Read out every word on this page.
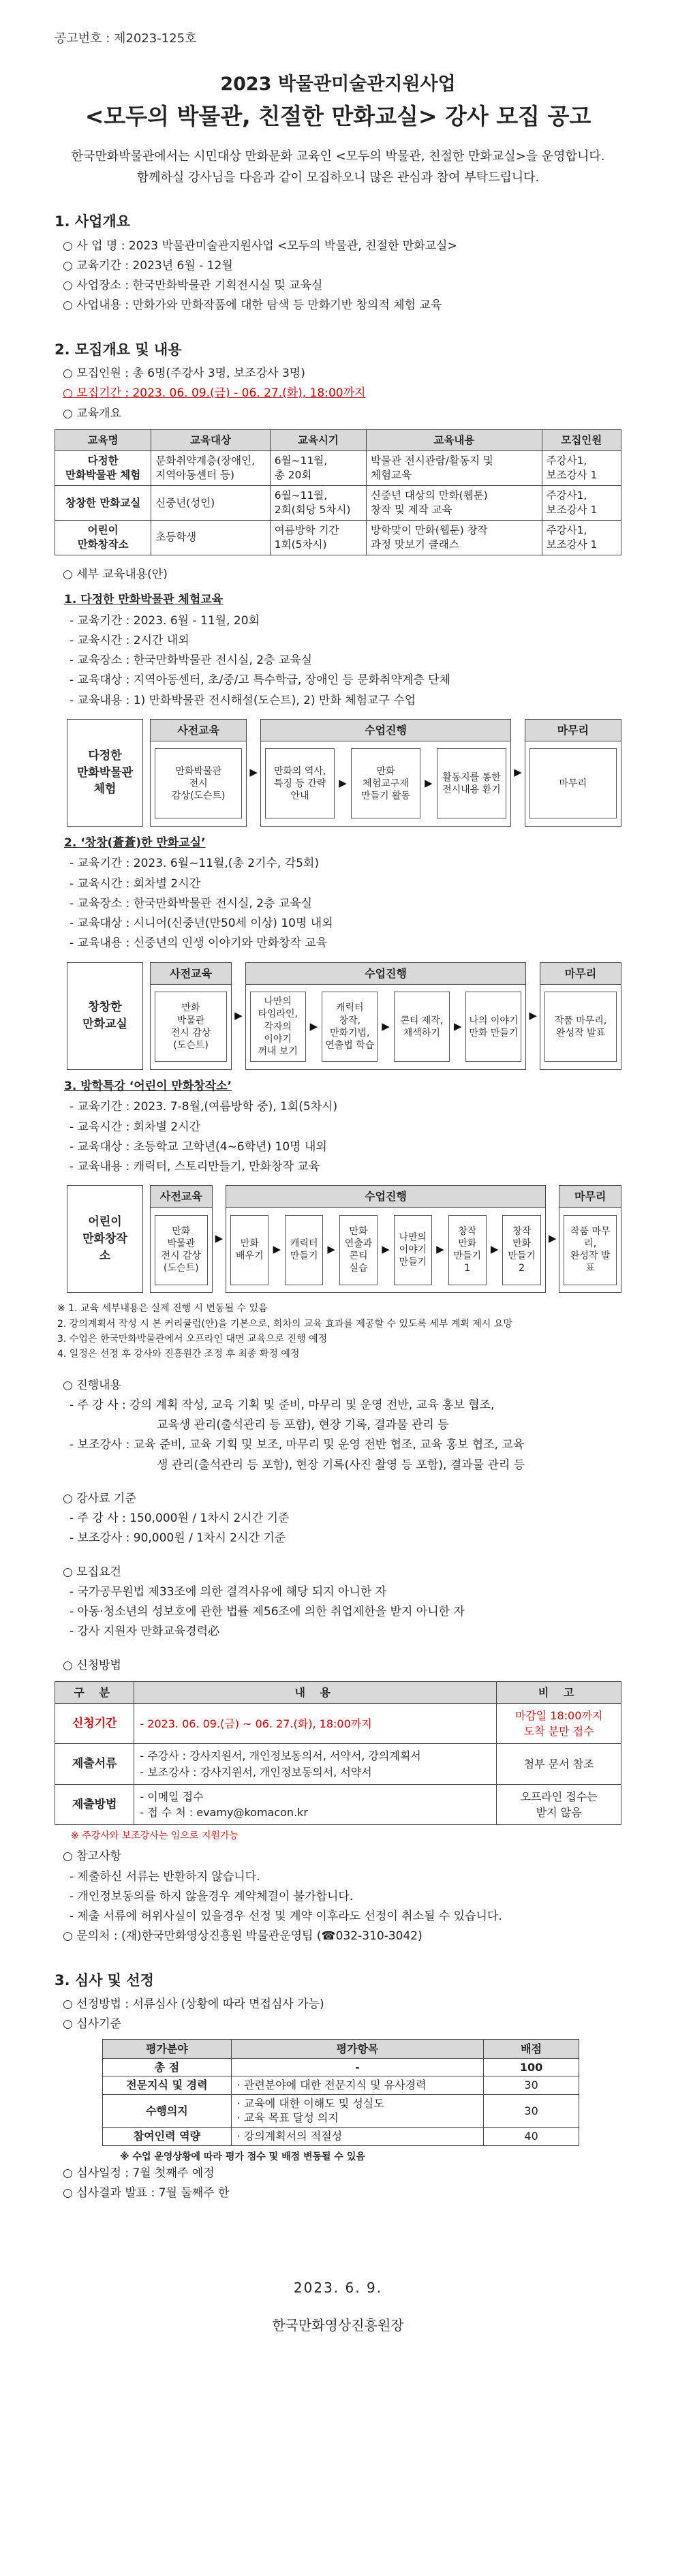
공고번호 : 제2023-125호
2023 박물관미술관지원사업
<모두의 박물관, 친절한 만화교실> 강사 모집 공고
한국만화박물관에서는 시민대상 만화문화 교육인 <모두의 박물관, 친절한 만화교실>을 운영합니다.
함께하실 강사님을 다음과 같이 모집하오니 많은 관심과 참여 부탁드립니다.
1. 사업개요
○ 사 업 명 : 2023 박물관미술관지원사업 <모두의 박물관, 친절한 만화교실>
○ 교육기간 : 2023년 6월 - 12월
○ 사업장소 : 한국만화박물관 기획전시실 및 교육실
○ 사업내용 : 만화가와 만화작품에 대한 탐색 등 만화기반 창의적 체험 교육
2. 모집개요 및 내용
○ 모집인원 : 총 6명(주강사 3명, 보조강사 3명)
○ 모집기간 : 2023. 06. 09.(금) - 06. 27.(화), 18:00까지
○ 교육개요
교육명	교육대상	교육시기	교육내용	모집인원
다정한
만화박물관 체험	문화취약계층(장애인,
지역아동센터 등)	6월~11월,
총 20회	박물관 전시관람/활동지 및
체험교육	주강사1,
보조강사 1
창창한 만화교실	신중년(성인)	6월~11월,
2회(회당 5차시)	신중년 대상의 만화(웹툰)
창작 및 제작 교육	주강사1,
보조강사 1
어린이
만화창작소	초등학생	여름방학 기간
1회(5차시)	방학맞이 만화(웹툰) 창작
과정 맛보기 클래스	주강사1,
보조강사 1
○ 세부 교육내용(안)
1. 다정한 만화박물관 체험교육
- 교육기간 : 2023. 6월 - 11월, 20회
- 교육시간 : 2시간 내외
- 교육장소 : 한국만화박물관 전시실, 2층 교육실
- 교육대상 : 지역아동센터, 초/중/고 특수학급, 장애인 등 문화취약계층 단체
- 교육내용 : 1) 만화박물관 전시해설(도슨트), 2) 만화 체험교구 수업
다정한
만화박물관
체험
사전교육
만화박물관
전시
감상(도슨트)
▶
수업진행
만화의 역사,
특징 등 간략
안내
▶
만화
체험교구재
만들기 활동
▶	활동지를 통한
전시내용 환기
▶
마무리
마무리
2. ‘창창(蒼蒼)한 만화교실’
- 교육기간 : 2023. 6월~11월,(총 2기수, 각5회)
- 교육시간 : 회차별 2시간
- 교육장소 : 한국만화박물관 전시실, 2층 교육실
- 교육대상 : 시니어(신중년(만50세 이상) 10명 내외
- 교육내용 : 신중년의 인생 이야기와 만화창작 교육
창창한
만화교실
사전교육
만화
박물관
전시 감상
(도슨트)
▶
수업진행
나만의
타임라인,
각자의
이야기
꺼내 보기
▶
캐릭터
창작,
만화기법,
연출법 학습
▶	콘티 제작,
채색하기
▶ 나의 이야기
만화 만들기
▶
마무리
작품 마무리,
완성작 발표
3. 방학특강 ‘어린이 만화창작소’
- 교육기간 : 2023. 7-8월,(여름방학 중), 1회(5차시)
- 교육시간 : 회차별 2시간
- 교육대상 : 초등학교 고학년(4~6학년) 10명 내외
- 교육내용 : 캐릭터, 스토리만들기, 만화창작 교육
어린이
만화창작
소
사전교육
만화
박물관
전시 감상
(도슨트)
▶
수업진행
만화
배우기
▶ 캐릭터
만들기
▶
만화
연출과
콘티
실습
▶
나만의
이야기
만들기
▶
창작
만화
만들기
1
▶
창작
만화
만들기
2
▶
마무리
작품 마무리,
완성작 발표
※ 1. 교육 세부내용은 실제 진행 시 변동될 수 있음
2. 강의계획서 작성 시 본 커리큘럼(안)을 기본으로, 회차의 교육 효과를 제공할 수 있도록 세부 계획 제시 요망
3. 수업은 한국만화박물관에서 오프라인 대면 교육으로 진행 예정
4. 일정은 선정 후 강사와 진흥원간 조정 후 최종 확정 예정
○ 진행내용
- 주 강 사 : 강의 계획 작성, 교육 기획 및 준비, 마무리 및 운영 전반, 교육 홍보 협조,
교육생 관리(출석관리 등 포함), 현장 기록, 결과물 관리 등
- 보조강사 : 교육 준비, 교육 기획 및 보조, 마무리 및 운영 전반 협조, 교육 홍보 협조, 교육
생 관리(출석관리 등 포함), 현장 기록(사진 촬영 등 포함), 결과물 관리 등
○ 강사료 기준
- 주 강 사 : 150,000원 / 1차시 2시간 기준
- 보조강사 : 90,000원 / 1차시 2시간 기준
○ 모집요건
- 국가공무원법 제33조에 의한 결격사유에 해당 되지 아니한 자
- 아동·청소년의 성보호에 관한 법률 제56조에 의한 취업제한을 받지 아니한 자
- 강사 지원자 만화교육경력必
○ 신청방법
구 분	내 용	비 고
신청기간	- 2023. 06. 09.(금) ~ 06. 27.(화), 18:00까지	마감일 18:00까지
도착 분만 접수
제출서류	- 주강사 : 강사지원서, 개인정보동의서, 서약서, 강의계획서
- 보조강사 : 강사지원서, 개인정보동의서, 서약서	첨부 문서 참조
제출방법	- 이메일 접수
- 접 수 처 : evamy@komacon.kr	오프라인 접수는
받지 않음
※ 주강사와 보조강사는 임으로 지원가능
○ 참고사항
- 제출하신 서류는 반환하지 않습니다.
- 개인정보동의를 하지 않을경우 계약체결이 불가합니다.
- 제출 서류에 허위사실이 있을경우 선정 및 계약 이후라도 선정이 취소될 수 있습니다.
○ 문의처 : (재)한국만화영상진흥원 박물관운영팀 (☎032-310-3042)
3. 심사 및 선정
○ 선정방법 : 서류심사 (상황에 따라 면접심사 가능)
○ 심사기준
평가분야	평가항목	배점
총 점	-	100
전문지식 및 경력	· 관련분야에 대한 전문지식 및 유사경력	30
수행의지	· 교육에 대한 이해도 및 성실도
· 교육 목표 달성 의지	30
참여인력 역량	· 강의계획서의 적절성	40
※ 수업 운영상황에 따라 평가 점수 및 배점 변동될 수 있음
○ 심사일정 : 7월 첫째주 예정
○ 심사결과 발표 : 7월 둘째주 한
2023. 6. 9.
한국만화영상진흥원장
